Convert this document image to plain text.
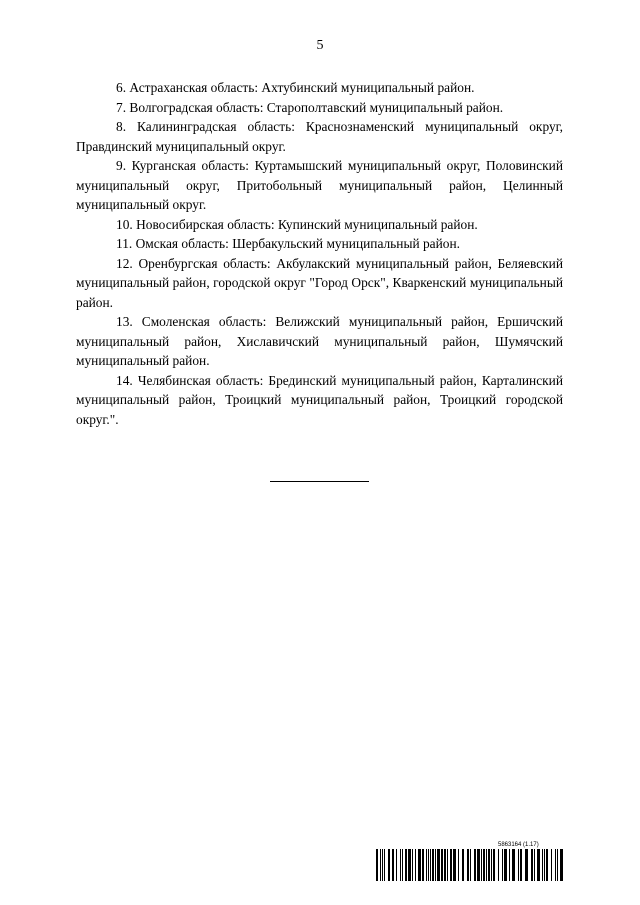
5

6. Астраханская область: Ахтубинский муниципальный район.

7. Волгоградская область: Старополтавский муниципальный район.

8. Калининградская область: Краснознаменский муниципальный округ, Правдинский муниципальный округ.

9. Курганская область: Куртамышский муниципальный округ, Половинский муниципальный округ, Притобольный муниципальный район, Целинный муниципальный округ.

10. Новосибирская область: Купинский муниципальный район.

11. Омская область: Шербакульский муниципальный район.

12. Оренбургская область: Акбулакский муниципальный район, Беляевский муниципальный район, городской округ "Город Орск", Кваркенский муниципальный район.

13. Смоленская область: Велижский муниципальный район, Ершичский муниципальный район, Хиславичский муниципальный район, Шумячский муниципальный район.

14. Челябинская область: Брединский муниципальный район, Карталинский муниципальный район, Троицкий муниципальный район, Троицкий городской округ.".

5863164 (1.17)
